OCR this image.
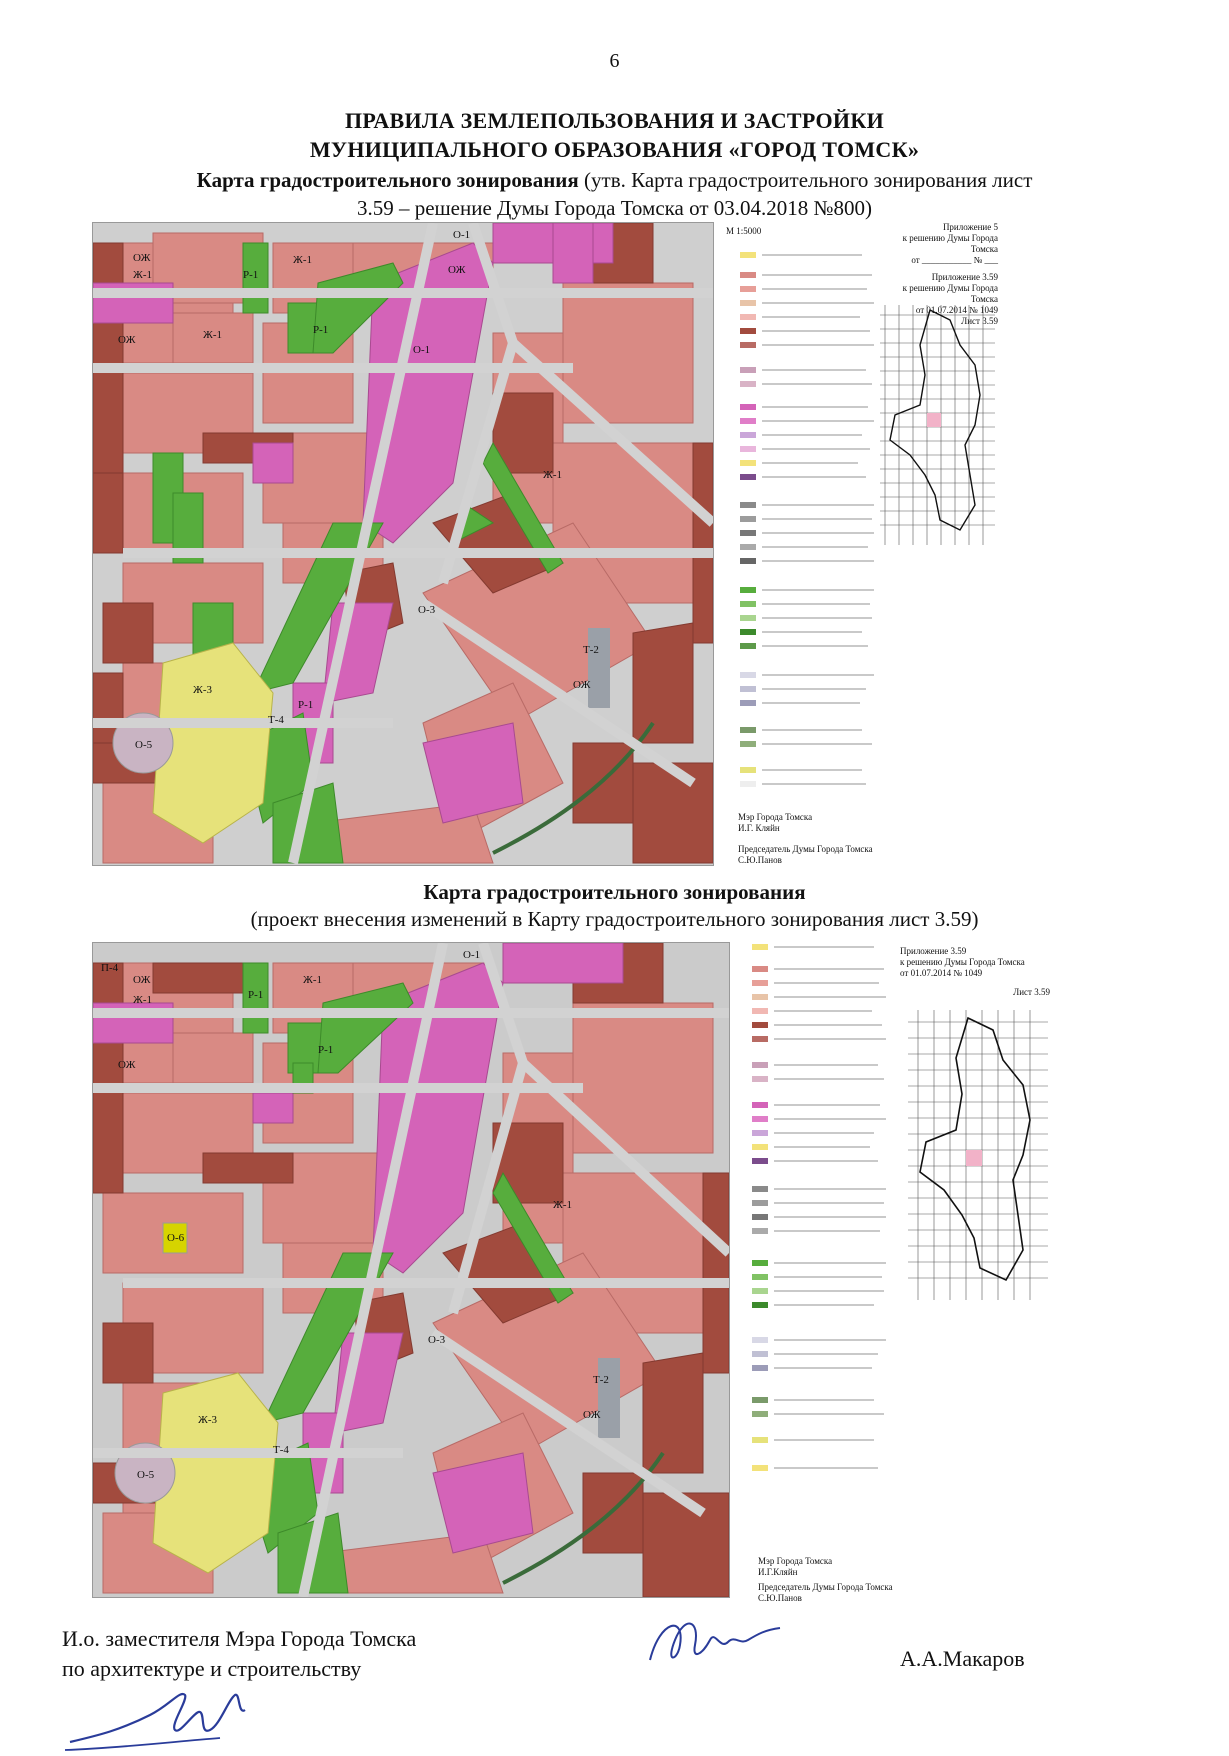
6
ПРАВИЛА ЗЕМЛЕПОЛЬЗОВАНИЯ И ЗАСТРОЙКИ
МУНИЦИПАЛЬНОГО ОБРАЗОВАНИЯ «ГОРОД ТОМСК»
Карта градостроительного зонирования (утв. Карта градостроительного зонирования лист
3.59 – решение Думы Города Томска от 03.04.2018 №800)
Ж-1
ОЖ
О-1
Р-1
Ж-3
Т-4
О-5
Т-2
О-3
Ж-1
Ж-1
ОЖ
Р-1
Ж-1
О-1
ОЖ
ОЖ
Р-1
М 1:5000
Мэр Города Томска
И.Г. Кляйн
Председатель Думы Города Томска
С.Ю.Панов
Приложение 5
к решению Думы Города Томска
от ___________ № ___
Приложение 3.59
к решению Думы Города Томска
от 01.07.2014 № 1049
Лист 3.59
Карта градостроительного зонирования
(проект внесения изменений в Карту градостроительного зонирования лист 3.59)
Ж-1
ОЖ
П-4
Р-1
О-1
Ж-3
Т-4
О-5
Т-2
О-3
О-6
Ж-1
ОЖ
Р-1
ОЖ
Ж-1
Мэр Города Томска
И.Г.Кляйн
Председатель Думы Города Томска
С.Ю.Панов
Приложение 3.59
к решению Думы Города Томска
от 01.07.2014 № 1049
Лист 3.59
И.о. заместителя Мэра Города Томска
по архитектуре и строительству	А.А.Макаров
